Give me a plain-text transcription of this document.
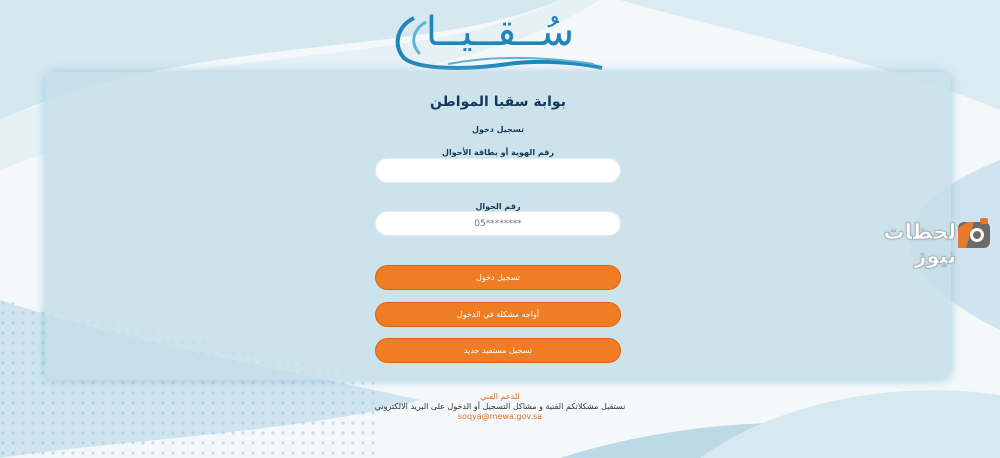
سُــقــيــا
بوابة سقيا المواطن
تسجيل دخول
رقم الهوية أو بطاقة الأحوال
رقم الجوال
05********
تسجيل دخول
أواجه مشكلة في الدخول
تسجيل مستفيد جديد
للدعم الفني
نستقبل مشكلاتكم الفنية و مشاكل التسجيل أو الدخول على البريد الالكتروني
soqya@mewa.gov.sa
لحظات نيوز
